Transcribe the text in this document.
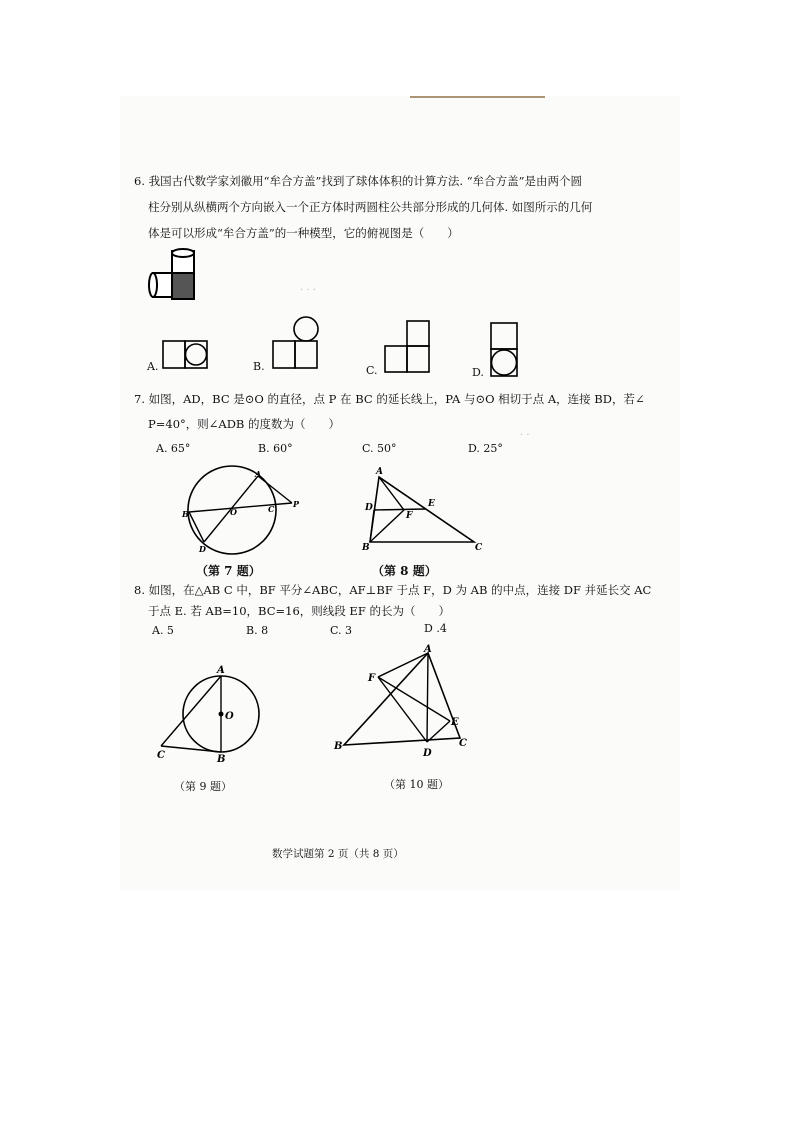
· · ·
· ·
6. 我国古代数学家刘徽用“牟合方盖”找到了球体体积的计算方法. “牟合方盖”是由两个圆
柱分别从纵横两个方向嵌入一个正方体时两圆柱公共部分形成的几何体. 如图所示的几何
体是可以形成“牟合方盖”的一种模型，它的俯视图是（　　）
A.	B.	C.	D.
7. 如图，AD，BC 是⊙O 的直径，点 P 在 BC 的延长线上，PA 与⊙O 相切于点 A，连接 BD，若∠
P=40°，则∠ADB 的度数为（　　）
A. 65°	B. 60°	C. 50°	D. 25°
A
B	O	C P
D
（第 7 题）
A
D
F
E
B	C
（第 8 题）
8. 如图，在△AB C 中，BF 平分∠ABC，AF⊥BF 于点 F，D 为 AB 的中点，连接 DF 并延长交 AC
于点 E. 若 AB=10，BC=16，则线段 EF 的长为（　　）
A. 5	B. 8	C. 3	D .4
A
O
C	B
（第 9 题）
A
F
E
B
D
C
（第 10 题）
数学试题第 2 页（共 8 页）
